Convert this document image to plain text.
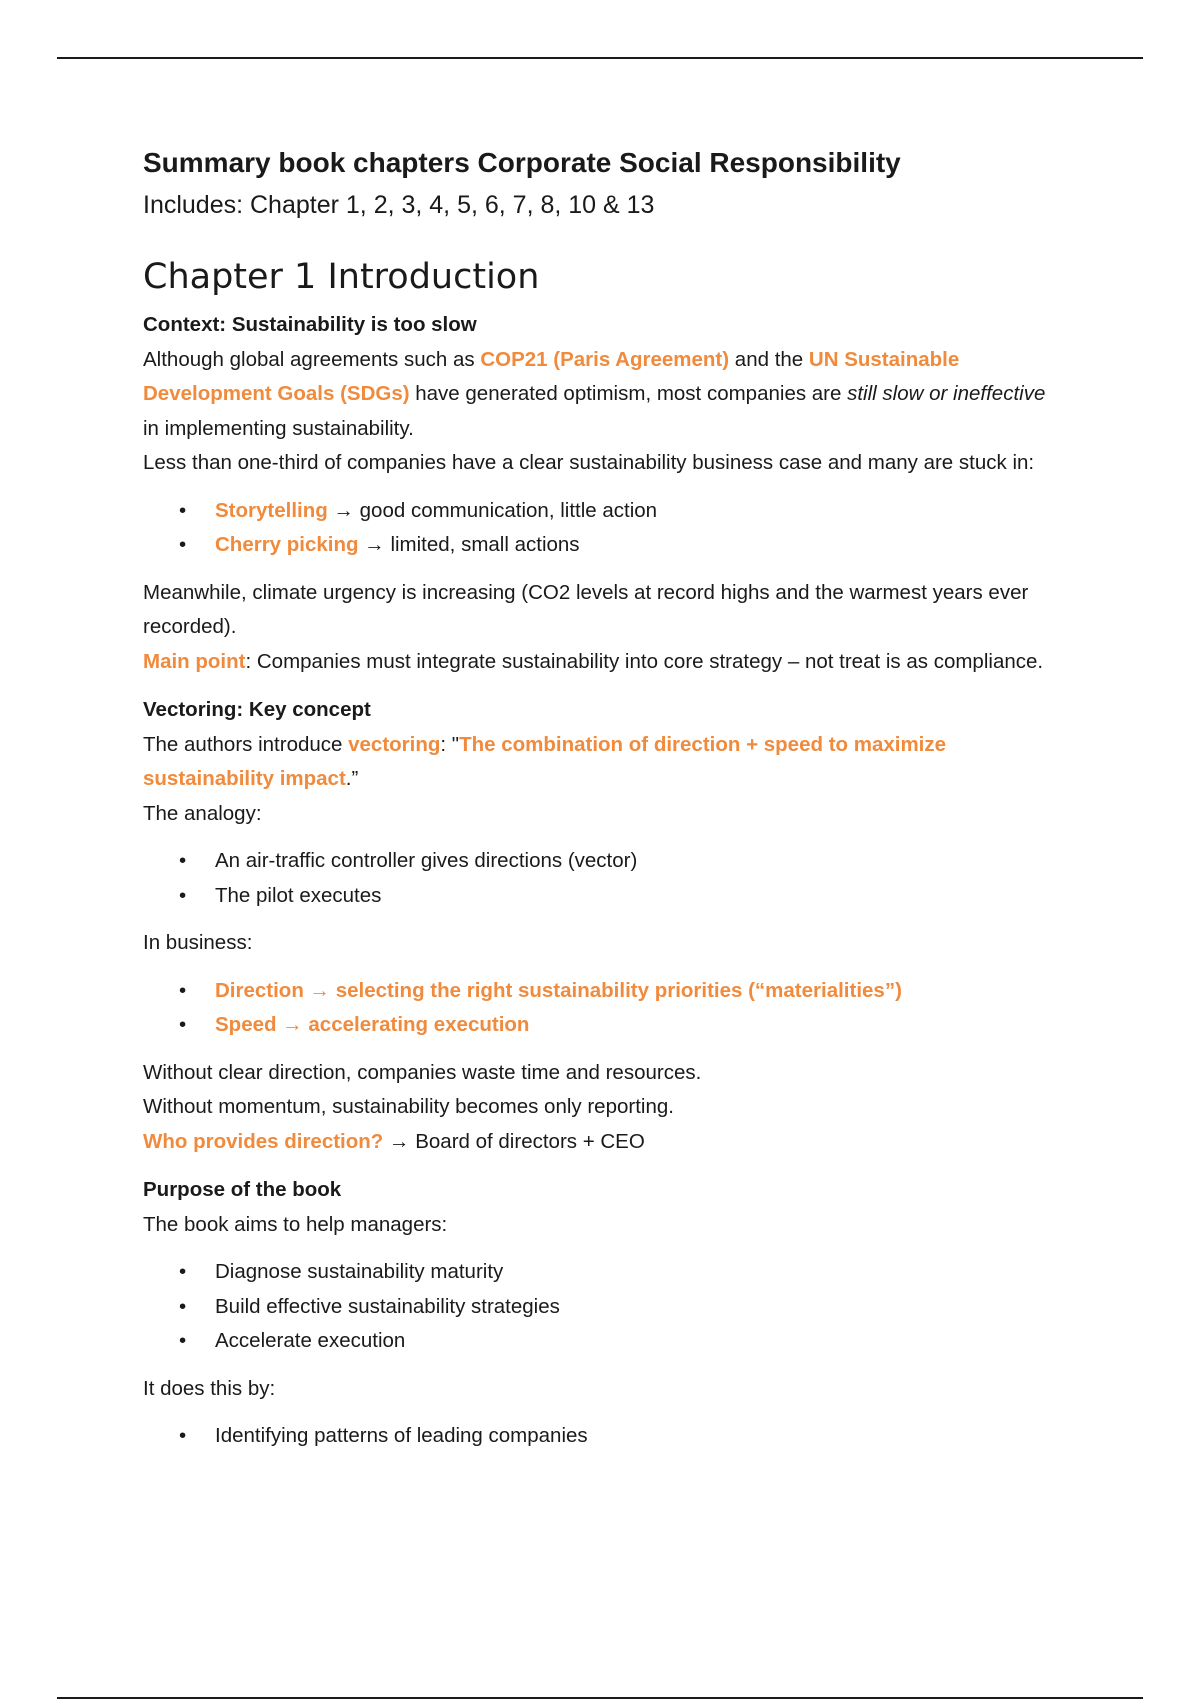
Summary book chapters Corporate Social Responsibility

Includes: Chapter 1, 2, 3, 4, 5, 6, 7, 8, 10 & 13

Chapter 1 Introduction

Context: Sustainability is too slow

Although global agreements such as COP21 (Paris Agreement) and the UN Sustainable Development Goals (SDGs) have generated optimism, most companies are still slow or ineffective in implementing sustainability.

Less than one-third of companies have a clear sustainability business case and many are stuck in:

• Storytelling → good communication, little action
• Cherry picking → limited, small actions

Meanwhile, climate urgency is increasing (CO2 levels at record highs and the warmest years ever recorded).

Main point: Companies must integrate sustainability into core strategy – not treat is as compliance.

Vectoring: Key concept

The authors introduce vectoring: "The combination of direction + speed to maximize sustainability impact.”

The analogy:

• An air-traffic controller gives directions (vector)
• The pilot executes

In business:

• Direction → selecting the right sustainability priorities (“materialities”)
• Speed → accelerating execution

Without clear direction, companies waste time and resources.

Without momentum, sustainability becomes only reporting.

Who provides direction? → Board of directors + CEO

Purpose of the book

The book aims to help managers:

• Diagnose sustainability maturity
• Build effective sustainability strategies
• Accelerate execution

It does this by:

• Identifying patterns of leading companies
